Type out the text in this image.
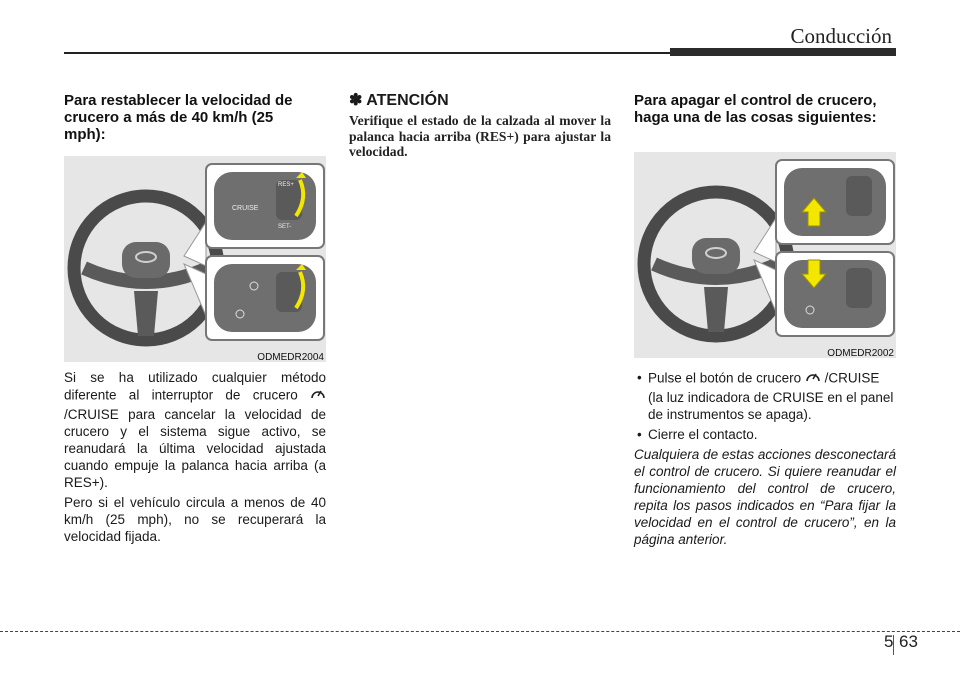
Conducción
Para restablecer la velocidad de crucero a más de 40 km/h (25 mph):
CRUISE
RES+
SET-
ODMEDR2004

Si se ha utilizado cualquier método diferente al interruptor de crucero  /CRUISE para cancelar la velocidad de crucero y el sistema sigue activo, se reanudará la última velocidad ajustada cuando empuje la palanca hacia arriba (a RES+).

Pero si el vehículo circula a menos de 40 km/h (25 mph), no se recuperará la velocidad fijada.

✽ ATENCIÓN
Verifique el estado de la calzada al mover la palanca hacia arriba (RES+) para ajustar la velocidad.
Para apagar el control de crucero, haga una de las cosas siguientes:
ODMEDR2002
• Pulse el botón de crucero /CRUISE (la luz indicadora de CRUISE en el panel de instrumentos se apaga).
• Cierre el contacto.

Cualquiera de estas acciones desconectará el control de crucero. Si quiere reanudar el funcionamiento del control de crucero, repita los pasos indicados en “Para fijar la velocidad en el control de crucero”, en la página anterior.

5 63
